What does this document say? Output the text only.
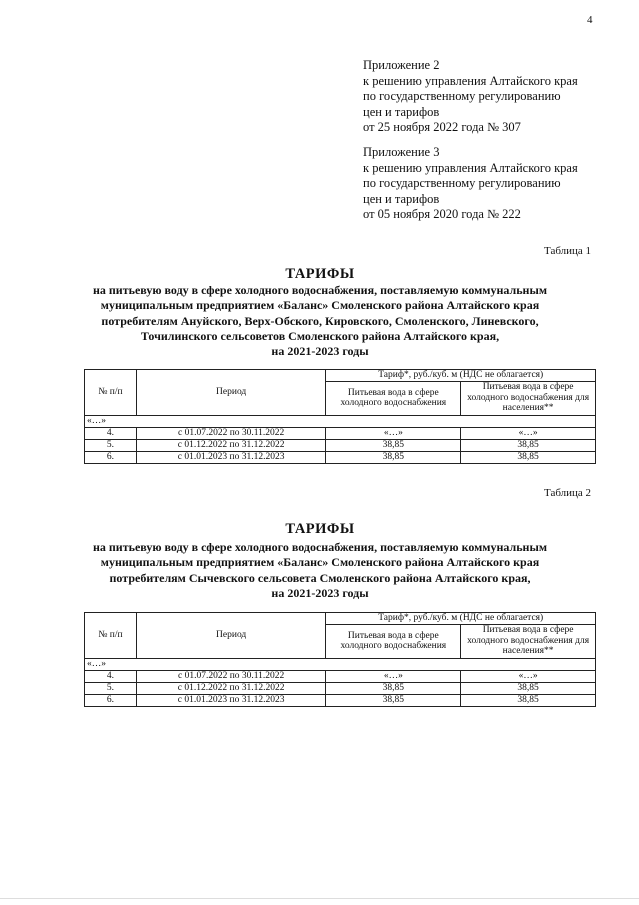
4
Приложение 2
к решению управления Алтайского края
по государственному регулированию
цен и тарифов
от 25 ноября 2022 года № 307
Приложение 3
к решению управления Алтайского края
по государственному регулированию
цен и тарифов
от 05 ноября 2020 года № 222
Таблица 1
ТАРИФЫ
на питьевую воду в сфере холодного водоснабжения, поставляемую коммунальным
муниципальным предприятием «Баланс» Смоленского района Алтайского края
потребителям Ануйского, Верх-Обского, Кировского, Смоленского, Линевского,
Точилинского сельсоветов Смоленского района Алтайского края,
на 2021-2023 годы
№ п/п	Период	Тариф*, руб./куб. м (НДС не облагается)	
		Питьевая вода в сфере холодного водоснабжения	Питьевая вода в сфере холодного водоснабжения для населения**
«…»			
4.	с 01.07.2022 по 30.11.2022	«…»	«…»
5.	с 01.12.2022 по 31.12.2022	38,85	38,85
6.	с 01.01.2023 по 31.12.2023	38,85	38,85
Таблица 2
ТАРИФЫ
на питьевую воду в сфере холодного водоснабжения, поставляемую коммунальным
муниципальным предприятием «Баланс» Смоленского района Алтайского края
потребителям Сычевского сельсовета Смоленского района Алтайского края,
на 2021-2023 годы
№ п/п	Период	Тариф*, руб./куб. м (НДС не облагается)	
		Питьевая вода в сфере холодного водоснабжения	Питьевая вода в сфере холодного водоснабжения для населения**
«…»			
4.	с 01.07.2022 по 30.11.2022	«…»	«…»
5.	с 01.12.2022 по 31.12.2022	38,85	38,85
6.	с 01.01.2023 по 31.12.2023	38,85	38,85
